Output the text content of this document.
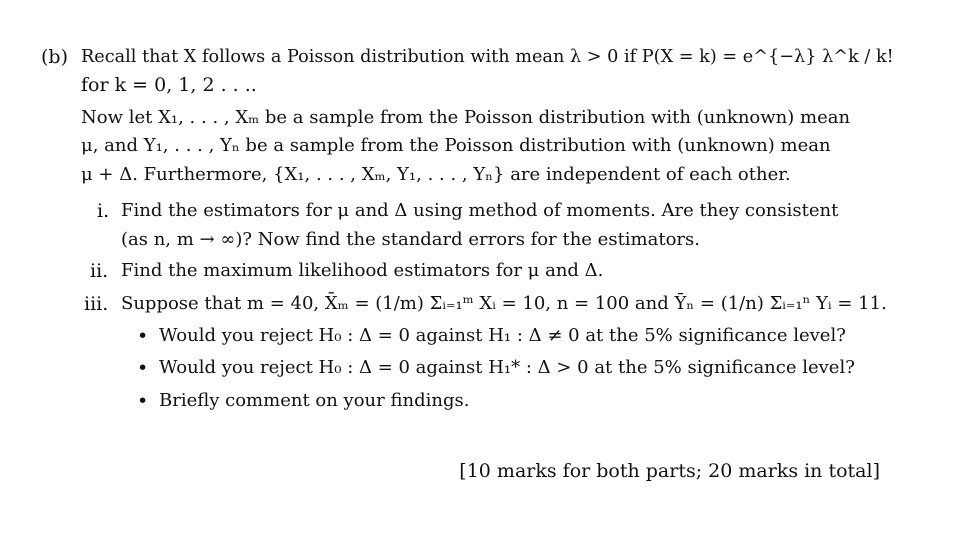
(b) Recall that X follows a Poisson distribution with mean λ > 0 if P(X = k) = e^{−λ} λ^k / k!
for k = 0, 1, 2 . . ..
Now let X₁, . . . , Xₘ be a sample from the Poisson distribution with (unknown) mean
μ, and Y₁, . . . , Yₙ be a sample from the Poisson distribution with (unknown) mean
μ + Δ. Furthermore, {X₁, . . . , Xₘ, Y₁, . . . , Yₙ} are independent of each other.
i. Find the estimators for μ and Δ using method of moments. Are they consistent
(as n, m → ∞)? Now find the standard errors for the estimators.
ii. Find the maximum likelihood estimators for μ and Δ.
iii. Suppose that m = 40, X̄ₘ = (1/m) Σᵢ₌₁ᵐ Xᵢ = 10, n = 100 and Ȳₙ = (1/n) Σᵢ₌₁ⁿ Yᵢ = 11.
• Would you reject H₀ : Δ = 0 against H₁ : Δ ≠ 0 at the 5% significance level?
• Would you reject H₀ : Δ = 0 against H₁* : Δ > 0 at the 5% significance level?
• Briefly comment on your findings.
[10 marks for both parts; 20 marks in total]
